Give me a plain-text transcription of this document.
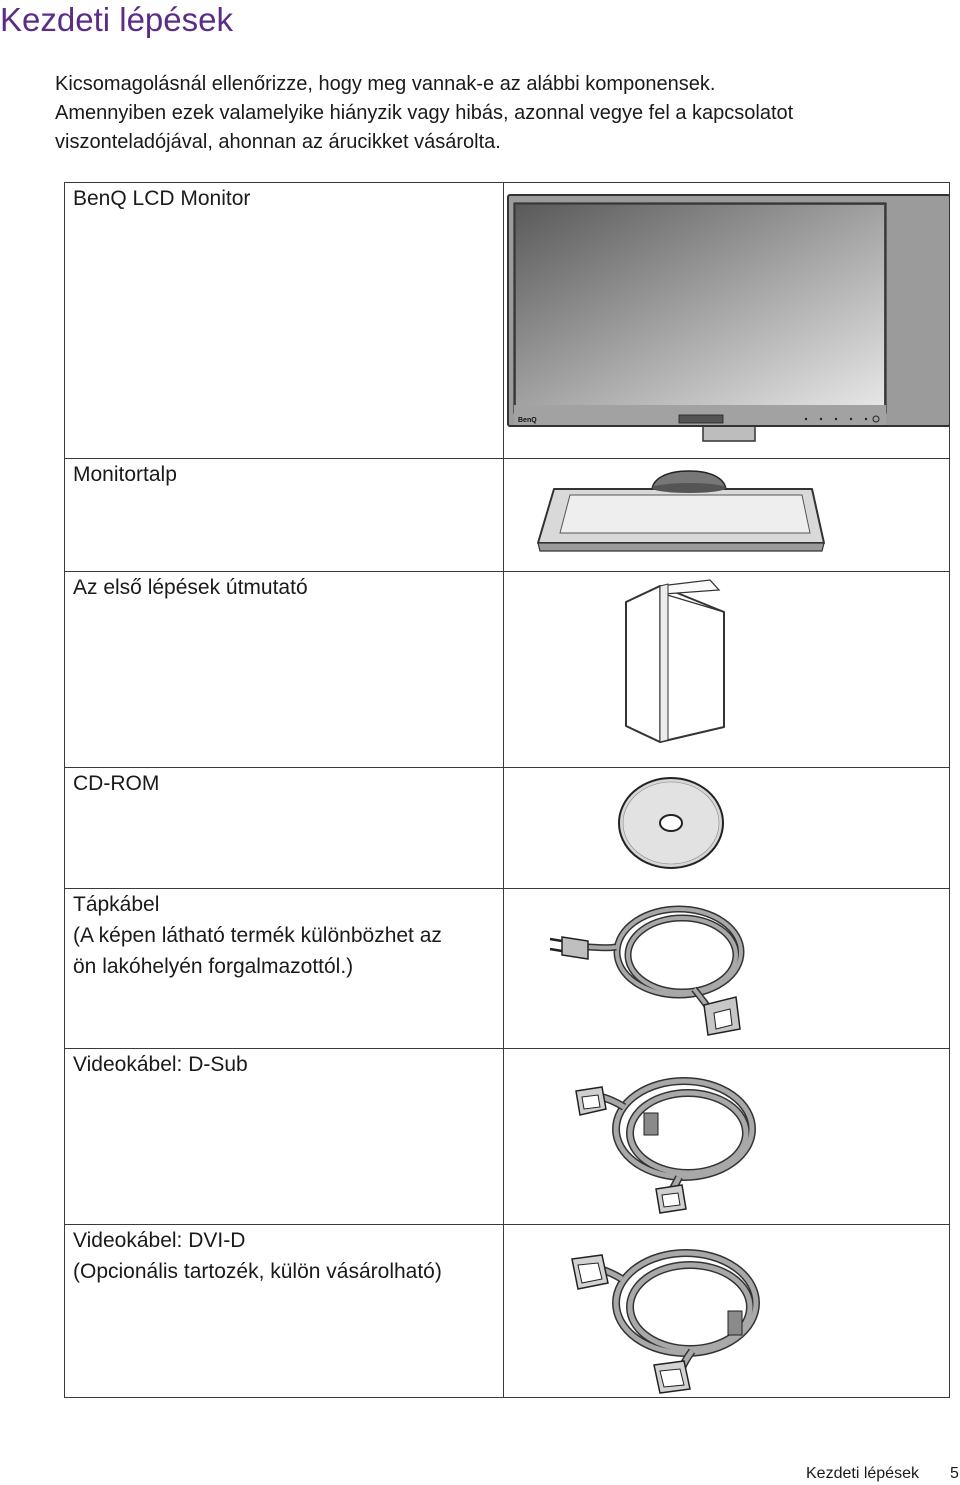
Kezdeti lépések

Kicsomagolásnál ellenőrizze, hogy meg vannak-e az alábbi komponensek.
Amennyiben ezek valamelyike hiányzik vagy hibás, azonnal vegye fel a kapcsolatot
viszonteladójával, ahonnan az árucikket vásárolta.

BenQ LCD Monitor	BenQ

Monitortalp

Az első lépések útmutató

CD-ROM

Tápkábel
(A képen látható termék különbözhet az
ön lakóhelyén forgalmazottól.)

Videokábel: D-Sub

Videokábel: DVI-D
(Opcionális tartozék, külön vásárolható)

Kezdeti lépések 5
